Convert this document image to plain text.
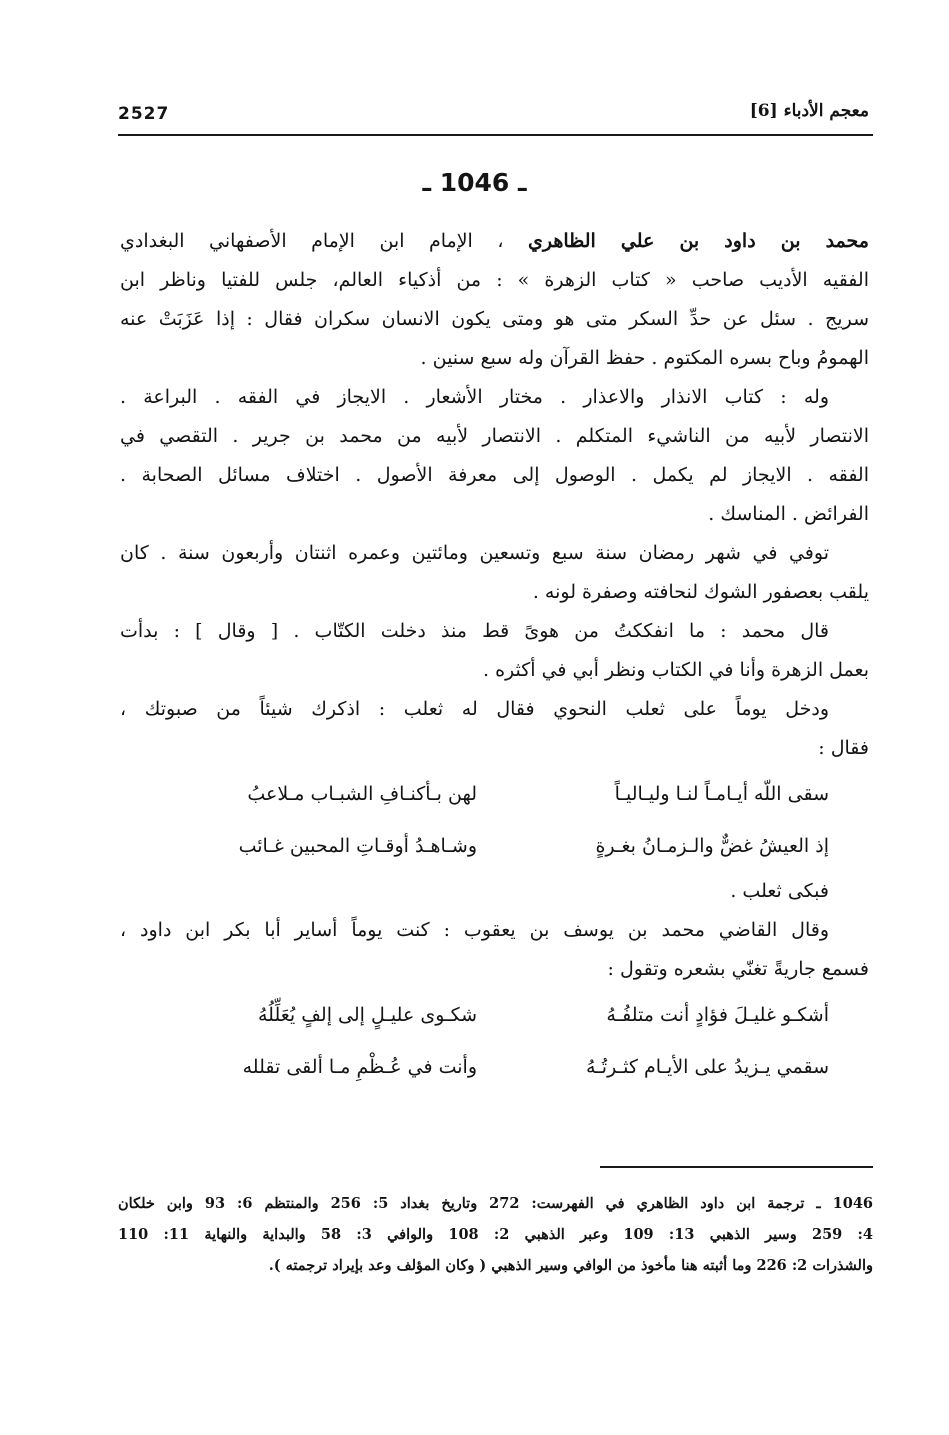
2527	معجم الأدباء [6]
ـ 1046 ـ
محمد بن داود بن علي الظاهري ، الإمام ابن الإمام الأصفهاني البغدادي
الفقيه الأديب صاحب « كتاب الزهرة » : من أذكياء العالم، جلس للفتيا وناظر ابن
سريج . سئل عن حدِّ السكر متى هو ومتى يكون الانسان سكران فقال : إذا عَزَبَتْ عنه
الهمومُ وباح بسره المكتوم . حفظ القرآن وله سبع سنين .
وله : كتاب الانذار والاعذار . مختار الأشعار . الايجاز في الفقه . البراعة .
الانتصار لأبيه من الناشيء المتكلم . الانتصار لأبيه من محمد بن جرير . التقصي في
الفقه . الايجاز لم يكمل . الوصول إلى معرفة الأصول . اختلاف مسائل الصحابة .
الفرائض . المناسك .
توفي في شهر رمضان سنة سبع وتسعين ومائتين وعمره اثنتان وأربعون سنة . كان
يلقب بعصفور الشوك لنحافته وصفرة لونه .
قال محمد : ما انفككتُ من هوىً قط منذ دخلت الكتّاب . [ وقال ] : بدأت
بعمل الزهرة وأنا في الكتاب ونظر أبي في أكثره .
ودخل يوماً على ثعلب النحوي فقال له ثعلب : اذكرك شيئاً من صبوتك ،
فقال :
سقى اللّه أيـامـاً لنـا وليـاليـاً
لهن بـأكنـافِ الشبـاب مـلاعبُ
إذ العيشُ غضٌّ والـزمـانُ بغـرةٍ
وشـاهـدُ أوقـاتِ المحبين غـائب
فبكى ثعلب .
وقال القاضي محمد بن يوسف بن يعقوب : كنت يوماً أساير أبا بكر ابن داود ،
فسمع جاريةً تغنّي بشعره وتقول :
أشكـو غليـلَ فؤادٍ أنت متلفُـهُ
شكـوى عليـلٍ إلى إلفٍ يُعَلِّلُهُ
سقمي يـزيدُ على الأيـام كثـرتُـهُ
وأنت في عُـظْمِ مـا ألقى تقلله
1046 ـ ترجمة ابن داود الظاهري في الفهرست: 272 وتاريخ بغداد 5: 256 والمنتظم 6: 93 وابن خلكان
4: 259 وسير الذهبي 13: 109 وعبر الذهبي 2: 108 والوافي 3: 58 والبداية والنهاية 11: 110
والشذرات 2: 226 وما أثبته هنا مأخوذ من الوافي وسير الذهبي ( وكان المؤلف وعد بإيراد ترجمته ).
